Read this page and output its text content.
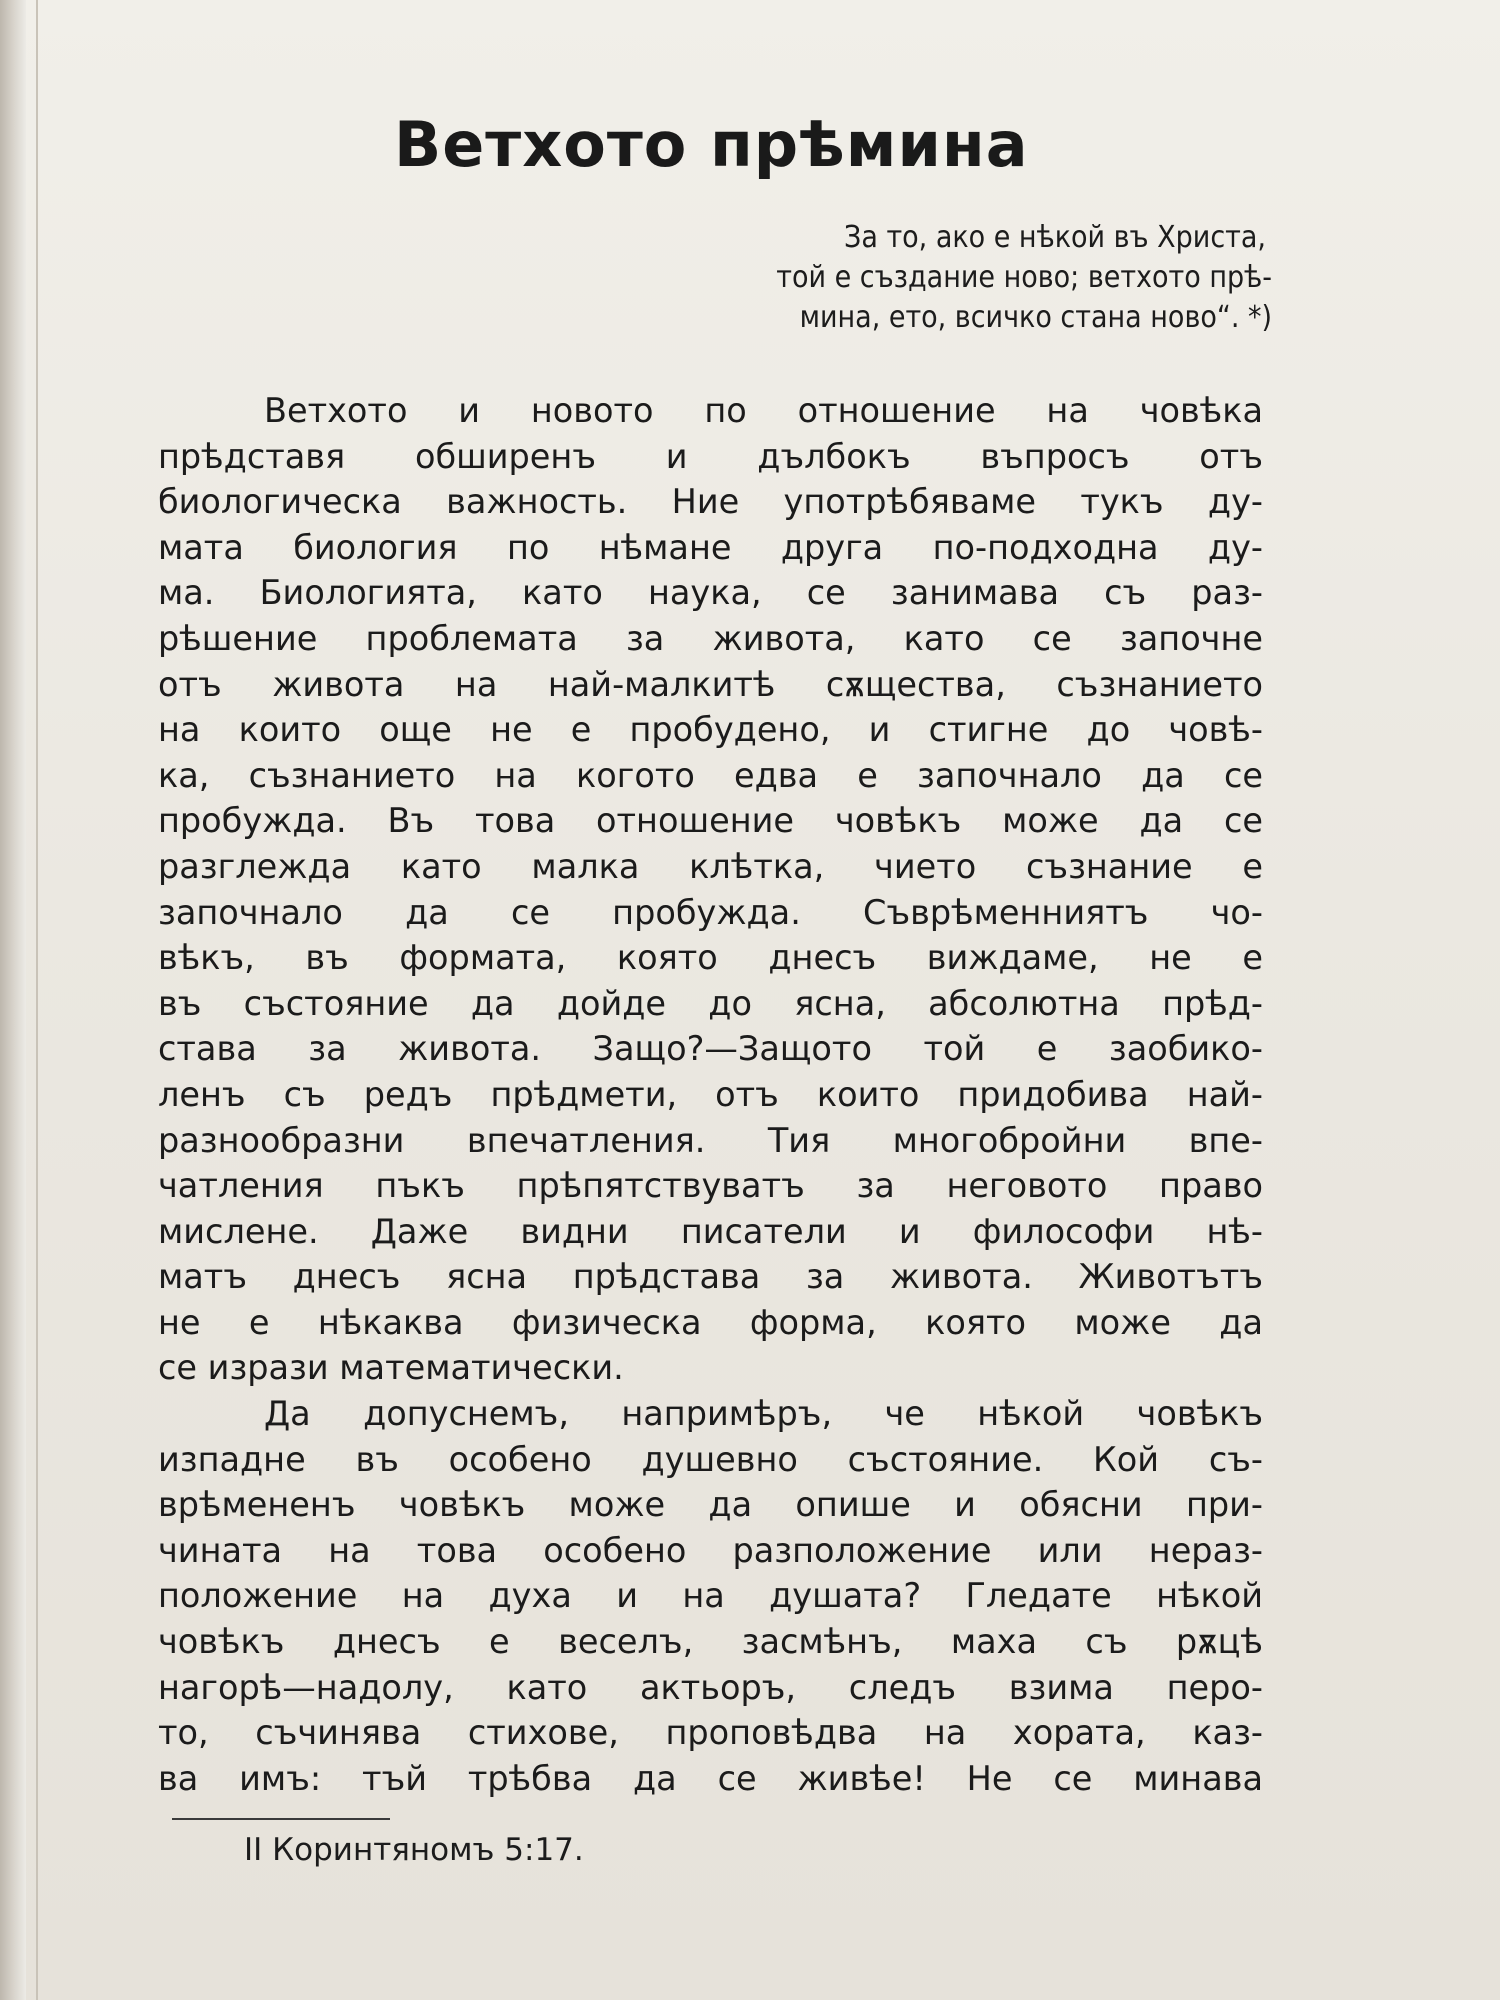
Ветхото прѣмина
За то, ако е нѣкой въ Христа,
той е създание ново; ветхото прѣ-
мина, ето, всичко стана ново“. *)
Ветхото и новото по отношение на човѣка
прѣдставя обширенъ и дълбокъ въпросъ отъ
биологическа важность. Ние употрѣбяваме тукъ ду-
мата биология по нѣмане друга по-подходна ду-
ма. Биологията, като наука, се занимава съ раз-
рѣшение проблемата за живота, като се започне
отъ живота на най-малкитѣ сѫщества, съзнанието
на които още не е пробудено, и стигне до човѣ-
ка, съзнанието на когото едва е започнало да се
пробужда. Въ това отношение човѣкъ може да се
разглежда като малка клѣтка, чието съзнание е
започнало да се пробужда. Съврѣменниятъ чо-
вѣкъ, въ формата, която днесъ виждаме, не е
въ състояние да дойде до ясна, абсолютна прѣд-
става за живота. Защо?—Защото той е заобико-
ленъ съ редъ прѣдмети, отъ които придобива най-
разнообразни впечатления. Тия многобройни впе-
чатления пъкъ прѣпятствуватъ за неговото право
мислене. Даже видни писатели и философи нѣ-
матъ днесъ ясна прѣдстава за живота. Животътъ
не е нѣкаква физическа форма, която може да
се изрази математически.
Да допуснемъ, напримѣръ, че нѣкой човѣкъ
изпадне въ особено душевно състояние. Кой съ-
врѣмененъ човѣкъ може да опише и обясни при-
чината на това особено разположение или нераз-
положение на духа и на душата? Гледате нѣкой
човѣкъ днесъ е веселъ, засмѣнъ, маха съ рѫцѣ
нагорѣ—надолу, като актьоръ, следъ взима перо-
то, съчинява стихове, проповѣдва на хората, каз-
ва имъ: тъй трѣбва да се живѣе! Не се минава
II Коринтяномъ 5:17.
